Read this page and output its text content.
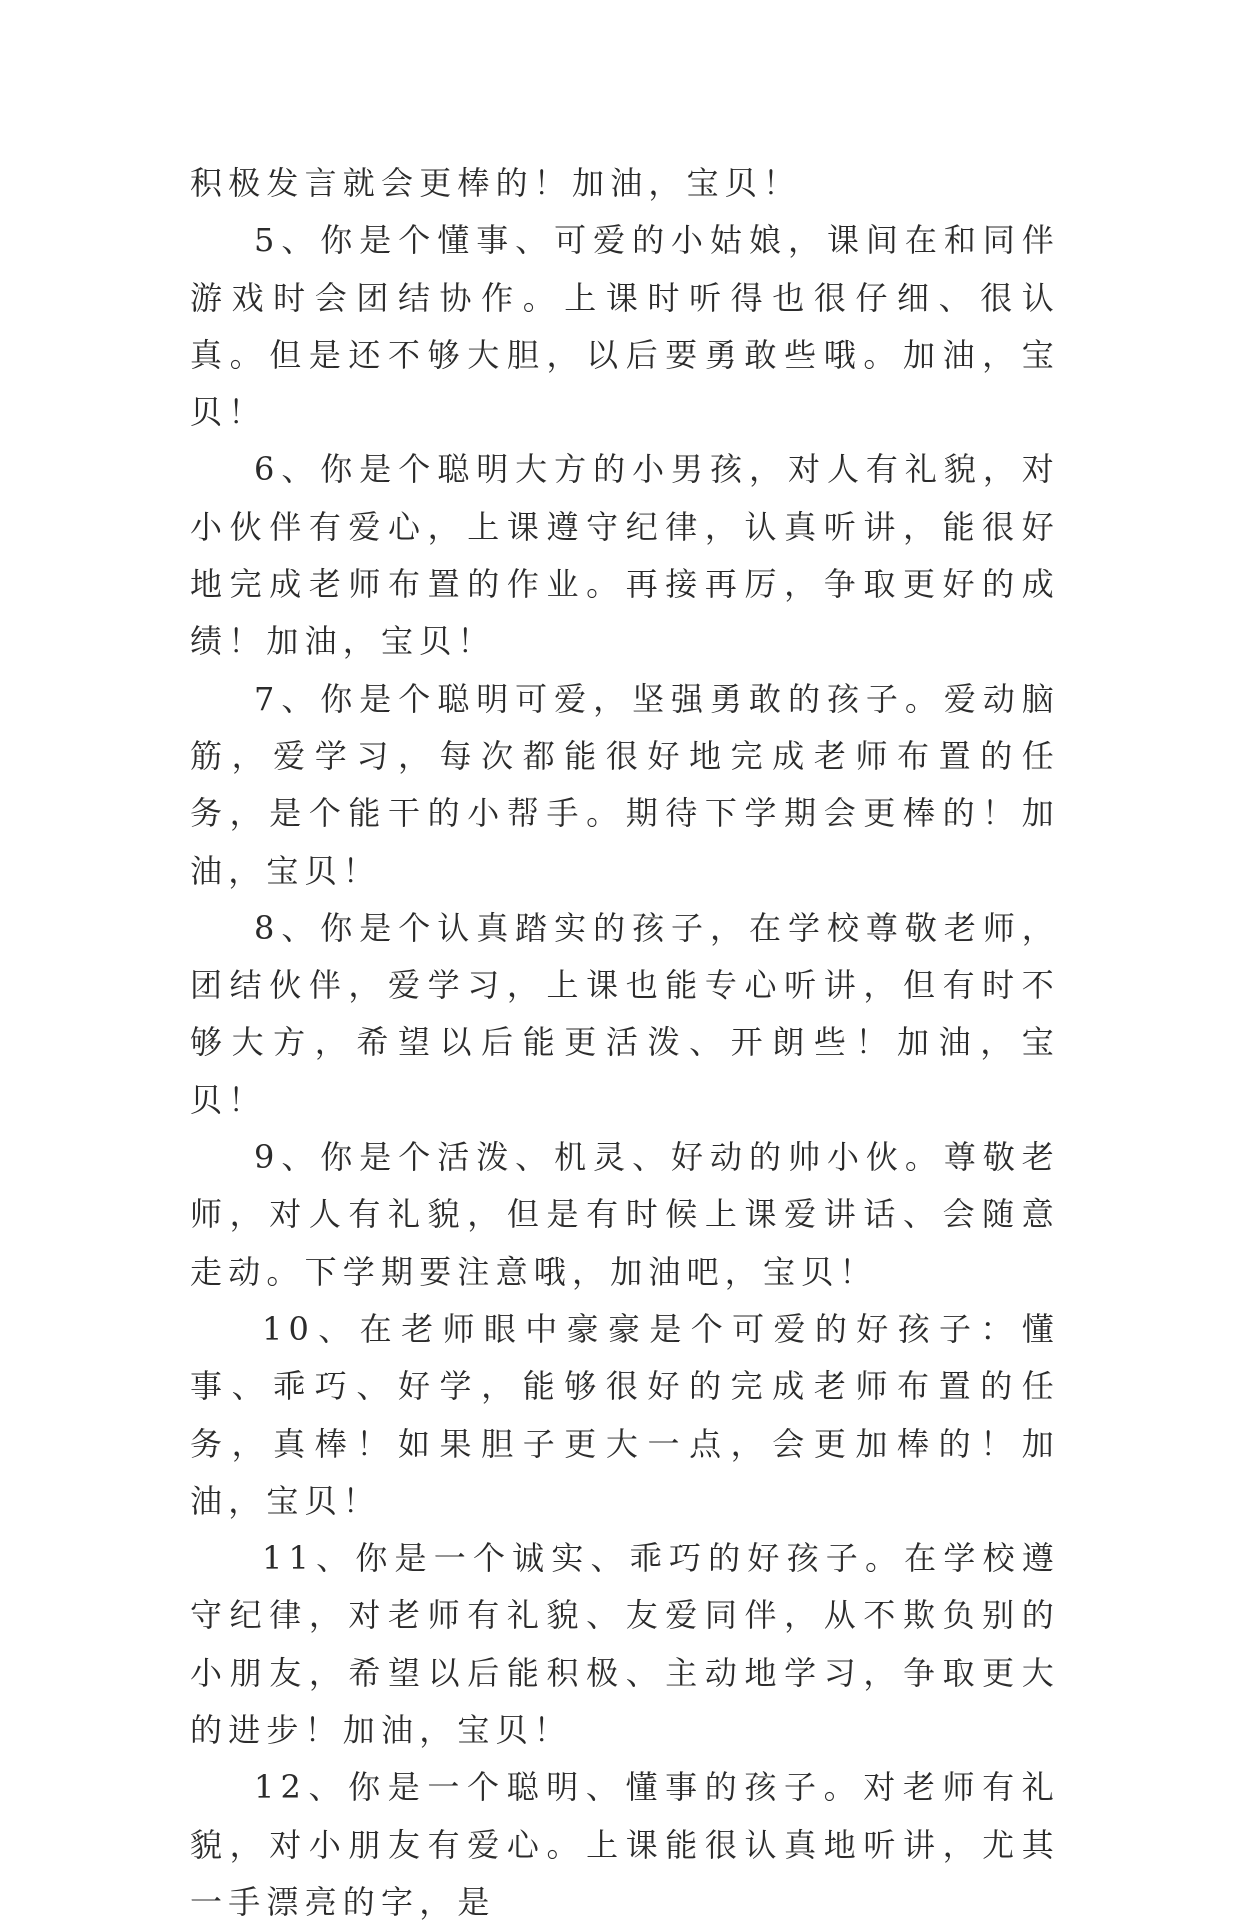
积极发言就会更棒的！加油，宝贝！

5、你是个懂事、可爱的小姑娘，课间在和同伴游戏时会团结协作。上课时听得也很仔细、很认真。但是还不够大胆，以后要勇敢些哦。加油，宝贝！

6、你是个聪明大方的小男孩，对人有礼貌，对小伙伴有爱心，上课遵守纪律，认真听讲，能很好地完成老师布置的作业。再接再厉，争取更好的成绩！加油，宝贝！

7、你是个聪明可爱，坚强勇敢的孩子。爱动脑筋，爱学习，每次都能很好地完成老师布置的任务，是个能干的小帮手。期待下学期会更棒的！加油，宝贝！

8、你是个认真踏实的孩子，在学校尊敬老师，团结伙伴，爱学习，上课也能专心听讲，但有时不够大方，希望以后能更活泼、开朗些！加油，宝贝！

9、你是个活泼、机灵、好动的帅小伙。尊敬老师，对人有礼貌，但是有时候上课爱讲话、会随意走动。下学期要注意哦，加油吧，宝贝！

10、在老师眼中豪豪是个可爱的好孩子：懂事、乖巧、好学，能够很好的完成老师布置的任务，真棒！如果胆子更大一点，会更加棒的！加油，宝贝！

11、你是一个诚实、乖巧的好孩子。在学校遵守纪律，对老师有礼貌、友爱同伴，从不欺负别的小朋友，希望以后能积极、主动地学习，争取更大的进步！加油，宝贝！

12、你是一个聪明、懂事的孩子。对老师有礼貌，对小朋友有爱心。上课能很认真地听讲，尤其一手漂亮的字，是
